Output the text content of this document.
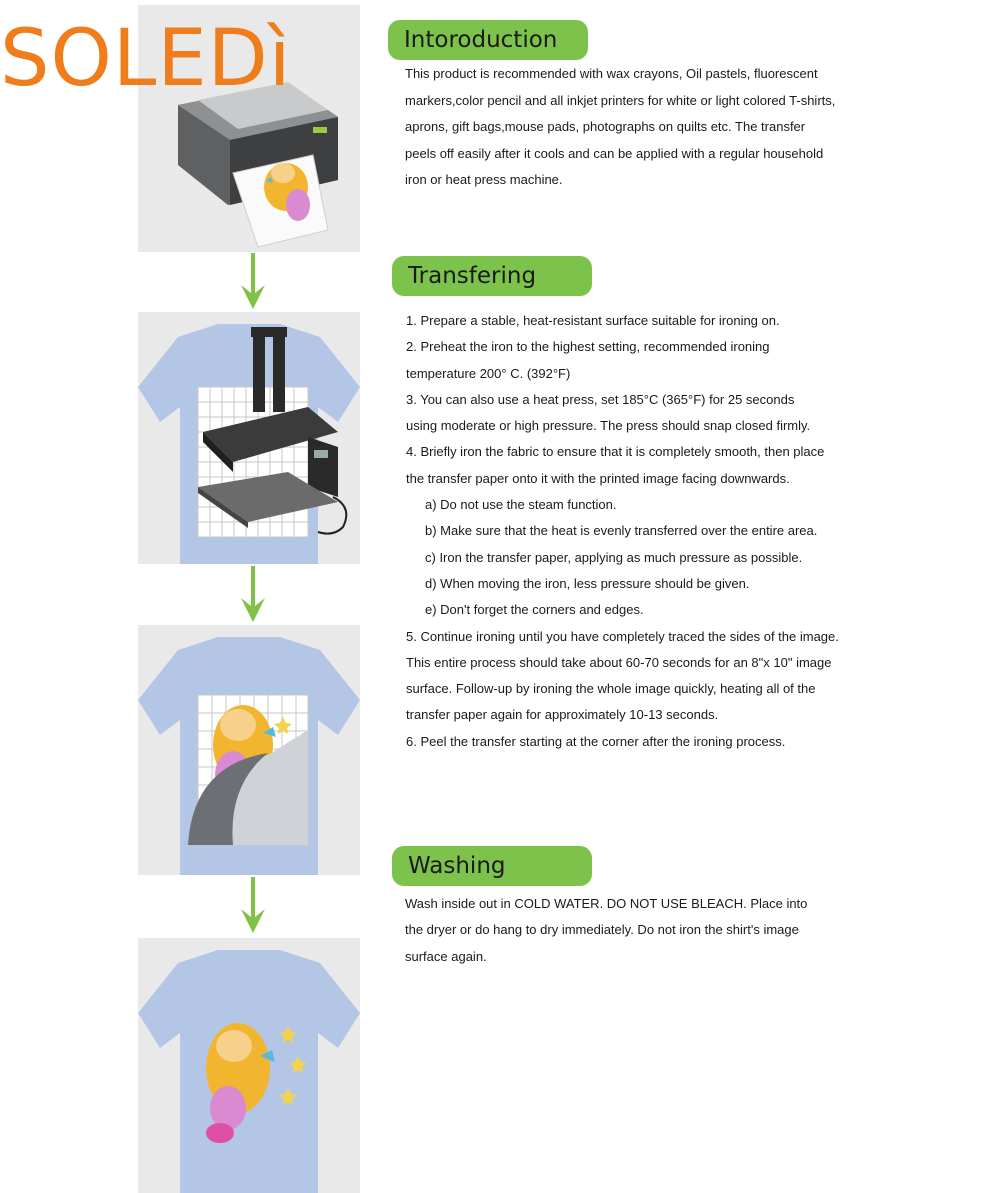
SOLEDì	Intoroduction

This product is recommended with wax crayons, Oil pastels, fluorescent

markers,color pencil and all inkjet printers for white or light colored T-shirts,

aprons, gift bags,mouse pads, photographs on quilts etc. The transfer

peels off easily after it cools and can be applied with a regular household

iron or heat press machine.

Transfering

1. Prepare a stable, heat-resistant surface suitable for ironing on.

2. Preheat the iron to the highest setting, recommended ironing

temperature 200° C. (392°F)

3. You can also use a heat press, set 185°C (365°F) for 25 seconds

using moderate or high pressure. The press should snap closed firmly.

4. Briefly iron the fabric to ensure that it is completely smooth, then place

the transfer paper onto it with the printed image facing downwards.

a) Do not use the steam function.

b) Make sure that the heat is evenly transferred over the entire area.

c) Iron the transfer paper, applying as much pressure as possible.

d) When moving the iron, less pressure should be given.

e) Don't forget the corners and edges.

5. Continue ironing until you have completely traced the sides of the image.

This entire process should take about 60-70 seconds for an 8"x 10" image

surface. Follow-up by ironing the whole image quickly, heating all of the

transfer paper again for approximately 10-13 seconds.

6. Peel the transfer starting at the corner after the ironing process.

Washing

Wash inside out in COLD WATER. DO NOT USE BLEACH. Place into

the dryer or do hang to dry immediately. Do not iron the shirt's image

surface again.
